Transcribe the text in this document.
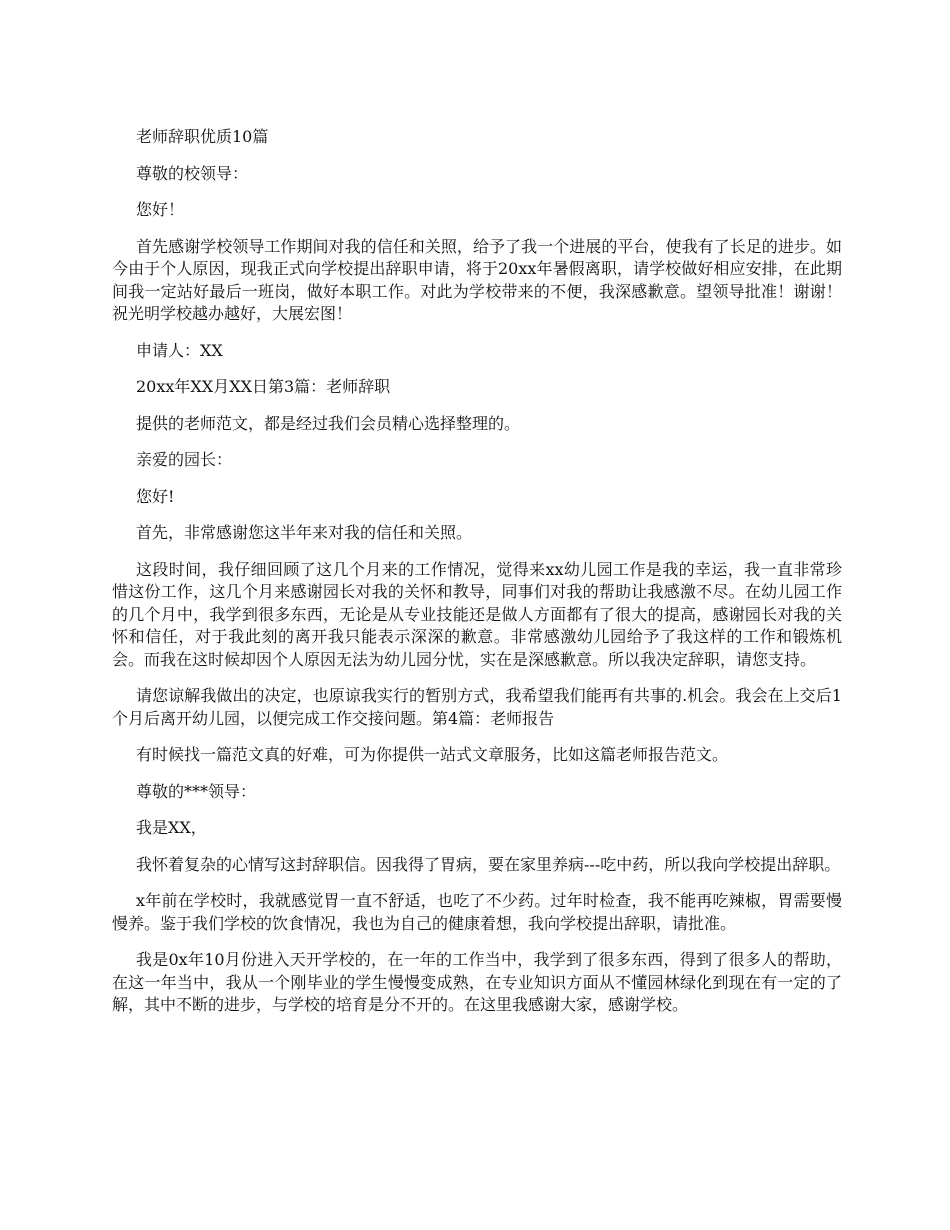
老师辞职优质10篇

尊敬的校领导：

您好！

首先感谢学校领导工作期间对我的信任和关照，给予了我一个进展的平台，使我有了长足的进步。如今由于个人原因，现我正式向学校提出辞职申请，将于20xx年暑假离职，请学校做好相应安排，在此期间我一定站好最后一班岗，做好本职工作。对此为学校带来的不便，我深感歉意。望领导批准！谢谢！祝光明学校越办越好，大展宏图！

申请人：XX

20xx年XX月XX日第3篇：老师辞职

提供的老师范文，都是经过我们会员精心选择整理的。

亲爱的园长：

您好!

首先，非常感谢您这半年来对我的信任和关照。

这段时间，我仔细回顾了这几个月来的工作情况，觉得来xx幼儿园工作是我的幸运，我一直非常珍惜这份工作，这几个月来感谢园长对我的关怀和教导，同事们对我的帮助让我感激不尽。在幼儿园工作的几个月中，我学到很多东西，无论是从专业技能还是做人方面都有了很大的提高，感谢园长对我的关怀和信任，对于我此刻的离开我只能表示深深的歉意。非常感激幼儿园给予了我这样的工作和锻炼机会。而我在这时候却因个人原因无法为幼儿园分忧，实在是深感歉意。所以我决定辞职，请您支持。

请您谅解我做出的决定，也原谅我实行的暂别方式，我希望我们能再有共事的.机会。我会在上交后1个月后离开幼儿园，以便完成工作交接问题。第4篇：老师报告

有时候找一篇范文真的好难，可为你提供一站式文章服务，比如这篇老师报告范文。

尊敬的***领导：

我是XX，

我怀着复杂的心情写这封辞职信。因我得了胃病，要在家里养病---吃中药，所以我向学校提出辞职。

x年前在学校时，我就感觉胃一直不舒适，也吃了不少药。过年时检查，我不能再吃辣椒，胃需要慢慢养。鉴于我们学校的饮食情况，我也为自己的健康着想，我向学校提出辞职，请批准。

我是0x年10月份进入天开学校的，在一年的工作当中，我学到了很多东西，得到了很多人的帮助，在这一年当中，我从一个刚毕业的学生慢慢变成熟，在专业知识方面从不懂园林绿化到现在有一定的了解，其中不断的进步，与学校的培育是分不开的。在这里我感谢大家，感谢学校。
